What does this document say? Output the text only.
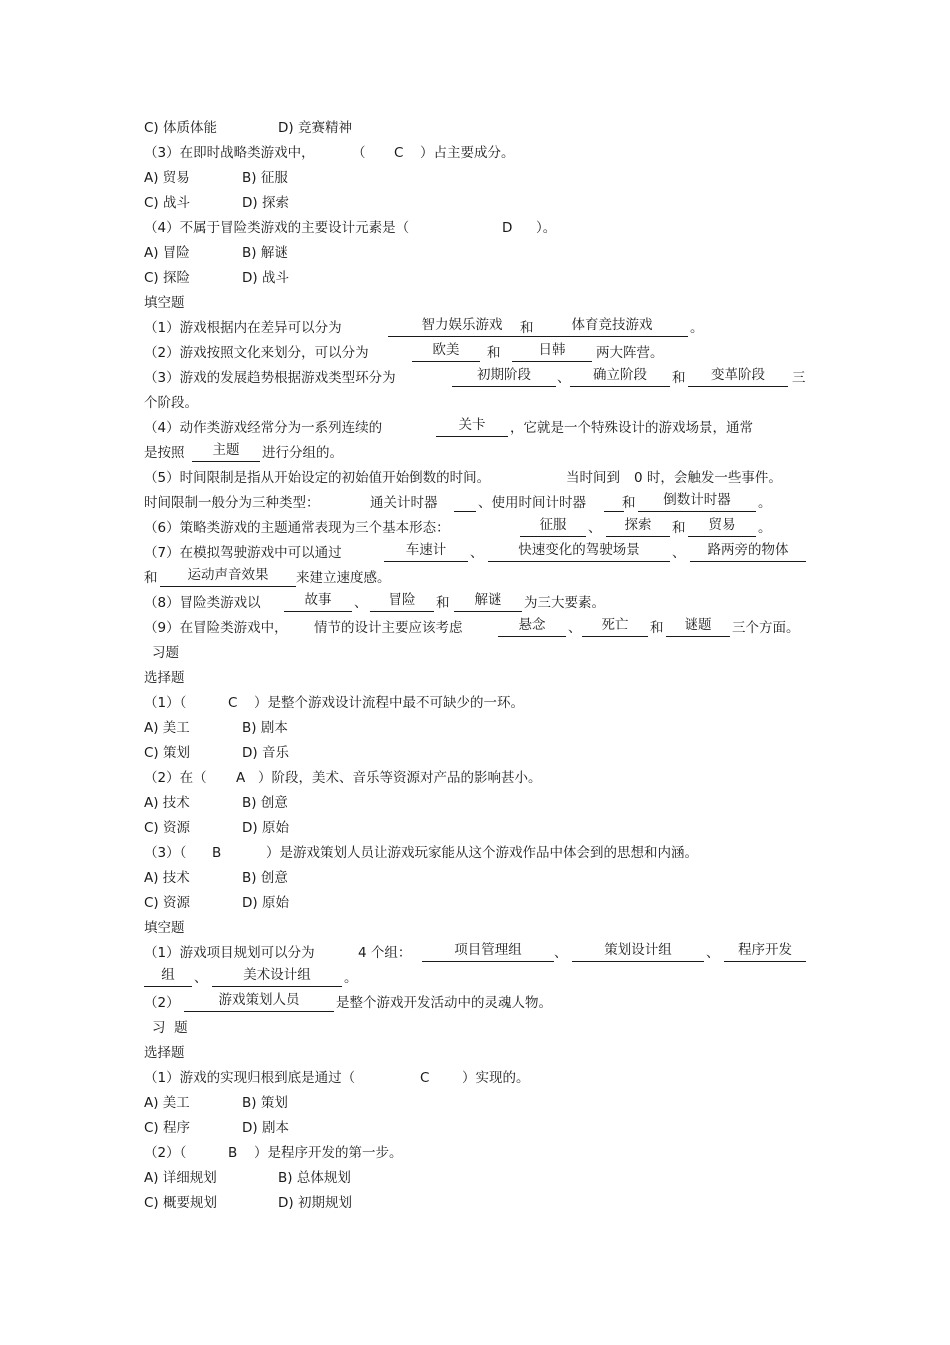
C) 体质体能	D) 竞赛精神
（3）在即时战略类游戏中，	（ C ）占主要成分。
A) 贸易	B) 征服
C) 战斗	D) 探索
（4）不属于冒险类游戏的主要设计元素是（	D ）。
A) 冒险	B) 解谜
C) 探险	D) 战斗
填空题
（1）游戏根据内在差异可以分为	智力娱乐游戏	和	体育竞技游戏	。
（2）游戏按照文化来划分，可以分为	欧美	和	日韩	两大阵营。
（3）游戏的发展趋势根据游戏类型环分为	初期阶段	、	确立阶段	和	变革阶段	三
个阶段。
（4）动作类游戏经常分为一系列连续的	关卡	，它就是一个特殊设计的游戏场景，通常
是按照	主题	进行分组的。
（5）时间限制是指从开始设定的初始值开始倒数的时间。	当时间到 0 时，会触发一些事件。
时间限制一般分为三种类型：	通关计时器	、使用时间计时器	和	倒数计时器	。
（6）策略类游戏的主题通常表现为三个基本形态：	征服	、	探索	和	贸易	。
（7）在模拟驾驶游戏中可以通过	车速计	、	快速变化的驾驶场景	、	路两旁的物体
和	运动声音效果	来建立速度感。
（8）冒险类游戏以	故事	、	冒险	和	解谜	为三大要素。
（9）在冒险类游戏中， 情节的设计主要应该考虑	悬念	、	死亡	和	谜题	三个方面。
习题
选择题
（1）（	C ）是整个游戏设计流程中最不可缺少的一环。
A) 美工	B) 剧本
C) 策划	D) 音乐
（2）在（ A ）阶段，美术、音乐等资源对产品的影响甚小。
A) 技术	B) 创意
C) 资源	D) 原始
（3）（ B	）是游戏策划人员让游戏玩家能从这个游戏作品中体会到的思想和内涵。
A) 技术	B) 创意
C) 资源	D) 原始
填空题
（1）游戏项目规划可以分为	4 个组：	项目管理组	、	策划设计组	、	程序开发
组	、	美术设计组	。
（2）	游戏策划人员	是整个游戏开发活动中的灵魂人物。
习  题
选择题
（1）游戏的实现归根到底是通过（	C ）实现的。
A) 美工	B) 策划
C) 程序	D) 剧本
（2）（	B ）是程序开发的第一步。
A) 详细规划	B) 总体规划
C) 概要规划	D) 初期规划
